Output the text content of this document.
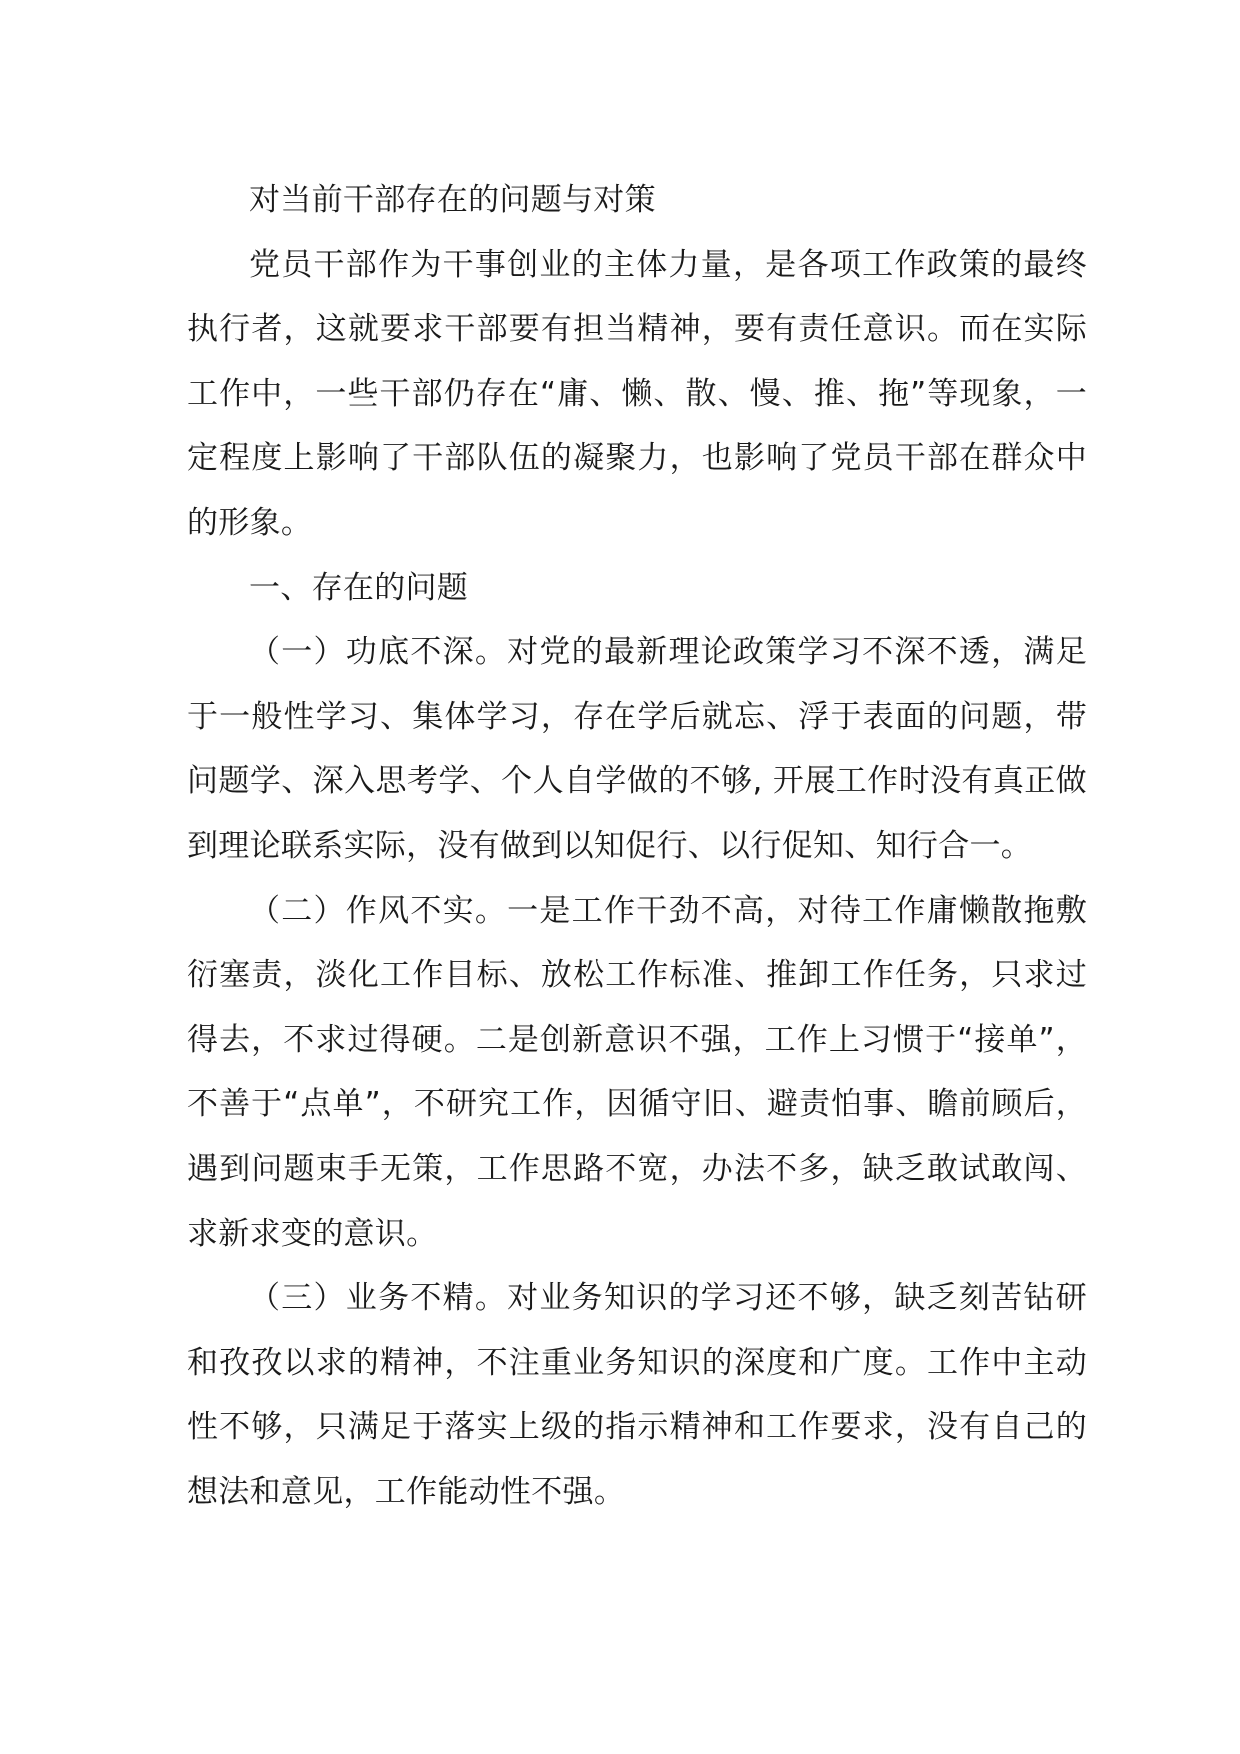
对当前干部存在的问题与对策

党员干部作为干事创业的主体力量，是各项工作政策的最终执行者，这就要求干部要有担当精神，要有责任意识。而在实际工作中，一些干部仍存在“庸、懒、散、慢、推、拖”等现象，一定程度上影响了干部队伍的凝聚力，也影响了党员干部在群众中的形象。

一、存在的问题

（一）功底不深。对党的最新理论政策学习不深不透，满足于一般性学习、集体学习，存在学后就忘、浮于表面的问题，带问题学、深入思考学、个人自学做的不够, 开展工作时没有真正做到理论联系实际，没有做到以知促行、以行促知、知行合一。

（二）作风不实。一是工作干劲不高，对待工作庸懒散拖敷衍塞责，淡化工作目标、放松工作标准、推卸工作任务，只求过得去，不求过得硬。二是创新意识不强，工作上习惯于“接单”，不善于“点单”，不研究工作，因循守旧、避责怕事、瞻前顾后，遇到问题束手无策，工作思路不宽，办法不多，缺乏敢试敢闯、求新求变的意识。

（三）业务不精。对业务知识的学习还不够，缺乏刻苦钻研和孜孜以求的精神，不注重业务知识的深度和广度。工作中主动性不够，只满足于落实上级的指示精神和工作要求，没有自己的想法和意见，工作能动性不强。
